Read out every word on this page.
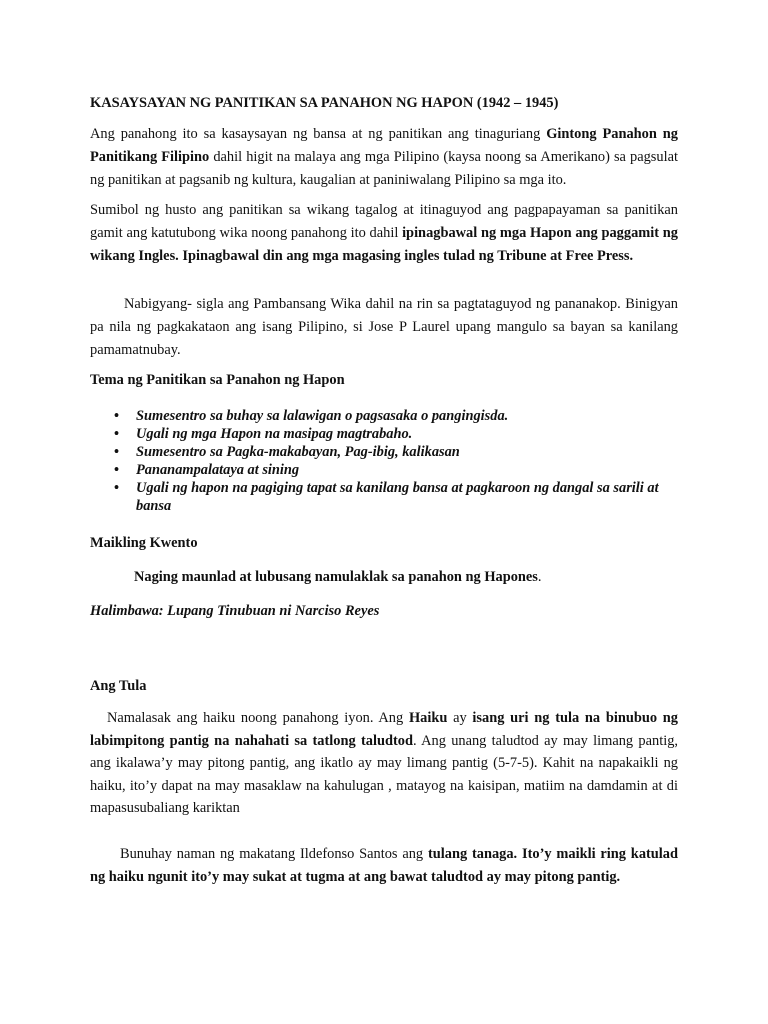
KASAYSAYAN NG PANITIKAN SA PANAHON NG HAPON (1942 – 1945)

Ang panahong ito sa kasaysayan ng bansa at ng panitikan ang tinaguriang Gintong Panahon ng Panitikang Filipino dahil higit na malaya ang mga Pilipino (kaysa noong sa Amerikano) sa pagsulat ng panitikan at pagsanib ng kultura, kaugalian at paniniwalang Pilipino sa mga ito.

Sumibol ng husto ang panitikan sa wikang tagalog at itinaguyod ang pagpapayaman sa panitikan gamit ang katutubong wika noong panahong ito dahil ipinagbawal ng mga Hapon ang paggamit ng wikang Ingles. Ipinagbawal din ang mga magasing ingles tulad ng Tribune at Free Press.

Nabigyang- sigla ang Pambansang Wika dahil na rin sa pagtataguyod ng pananakop. Binigyan pa nila ng pagkakataon ang isang Pilipino, si Jose P Laurel upang mangulo sa bayan sa kanilang pamamatnubay.

Tema ng Panitikan sa Panahon ng Hapon
• Sumesentro sa buhay sa lalawigan o pagsasaka o pangingisda.
• Ugali ng mga Hapon na masipag magtrabaho.
• Sumesentro sa Pagka-makabayan, Pag-ibig, kalikasan
• Pananampalataya at sining
• Ugali ng hapon na pagiging tapat sa kanilang bansa at pagkaroon ng dangal sa sarili at bansa
Maikling Kwento

Naging maunlad at lubusang namulaklak sa panahon ng Hapones.

Halimbawa: Lupang Tinubuan ni Narciso Reyes
Ang Tula

Namalasak ang haiku noong panahong iyon. Ang Haiku ay isang uri ng tula na binubuo ng labimpitong pantig na nahahati sa tatlong taludtod. Ang unang taludtod ay may limang pantig, ang ikalawa’y may pitong pantig, ang ikatlo ay may limang pantig (5-7-5). Kahit na napakaikli ng haiku, ito’y dapat na may masaklaw na kahulugan , matayog na kaisipan, matiim na damdamin at di mapasusubaliang kariktan

Bunuhay naman ng makatang Ildefonso Santos ang tulang tanaga. Ito’y maikli ring katulad ng haiku ngunit ito’y may sukat at tugma at ang bawat taludtod ay may pitong pantig.
